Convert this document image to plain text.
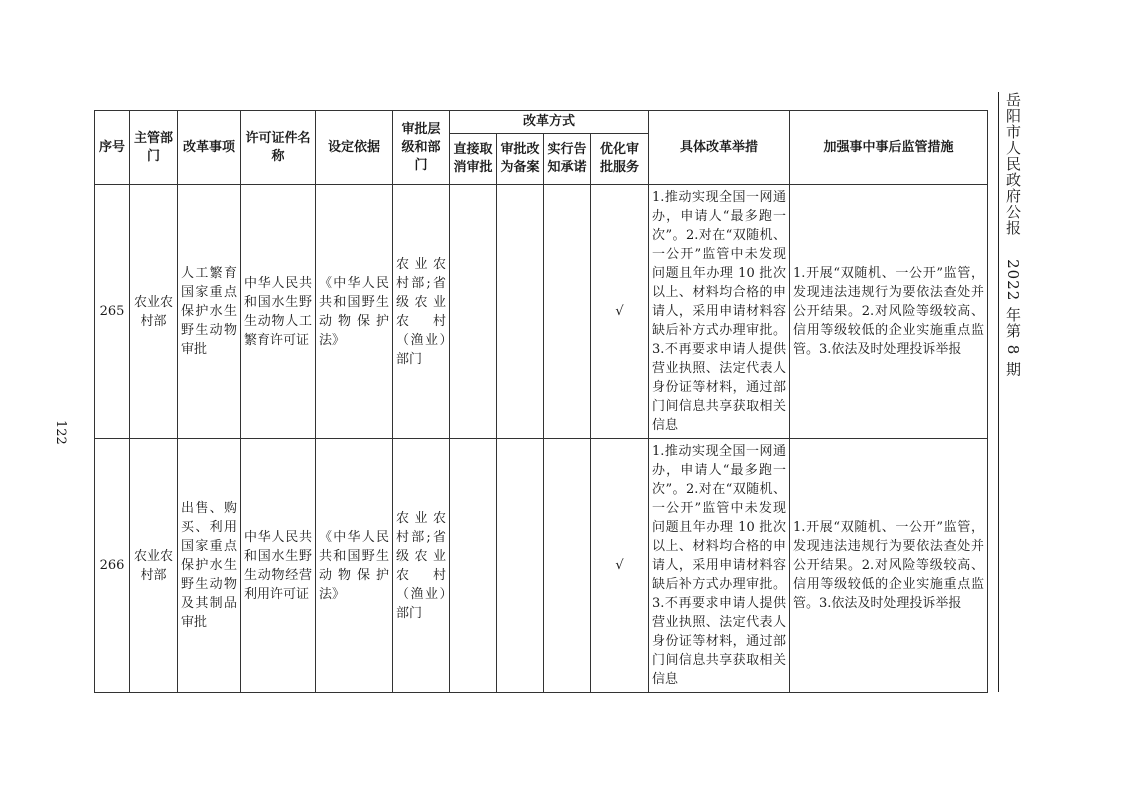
122
岳阳市人民政府公报    2022 年第 8 期
序号	主管部门	改革事项	许可证件名称	设定依据	审批层级和部门	改革方式				具体改革举措	加强事中事后监管措施
						直接取消审批	审批改为备案	实行告知承诺	优化审批服务		
265	农业农村部	人工繁育国家重点保护水生野生动物审批	中华人民共和国水生野生动物人工繁育许可证	《中华人民共和国野生动物保护法》	农业农村部;省级农业农村（渔业）部门				√	1.推动实现全国一网通办，申请人“最多跑一次”。2.对在“双随机、一公开”监管中未发现问题且年办理 10 批次以上、材料均合格的申请人，采用申请材料容缺后补方式办理审批。3.不再要求申请人提供营业执照、法定代表人身份证等材料，通过部门间信息共享获取相关信息	1.开展“双随机、一公开”监管，发现违法违规行为要依法查处并公开结果。2.对风险等级较高、信用等级较低的企业实施重点监管。3.依法及时处理投诉举报
266	农业农村部	出售、购买、利用国家重点保护水生野生动物及其制品审批	中华人民共和国水生野生动物经营利用许可证	《中华人民共和国野生动物保护法》	农业农村部;省级农业农村（渔业）部门				√	1.推动实现全国一网通办，申请人“最多跑一次”。2.对在“双随机、一公开”监管中未发现问题且年办理 10 批次以上、材料均合格的申请人，采用申请材料容缺后补方式办理审批。3.不再要求申请人提供营业执照、法定代表人身份证等材料，通过部门间信息共享获取相关信息	1.开展“双随机、一公开”监管，发现违法违规行为要依法查处并公开结果。2.对风险等级较高、信用等级较低的企业实施重点监管。3.依法及时处理投诉举报
